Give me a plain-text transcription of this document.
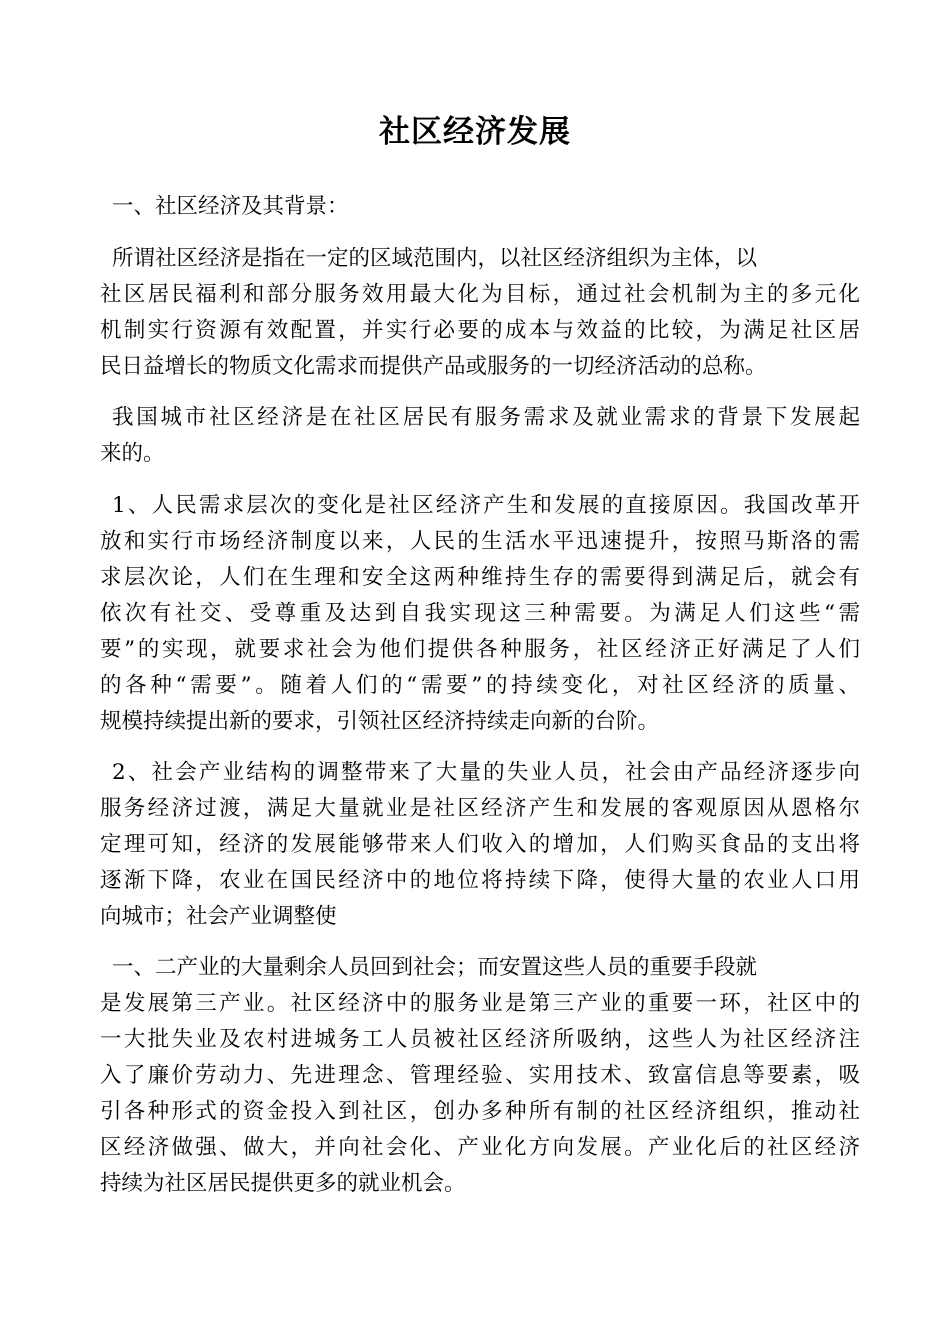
社区经济发展
一、社区经济及其背景：
所谓社区经济是指在一定的区域范围内，以社区经济组织为主体，以
社区居民福利和部分服务效用最大化为目标，通过社会机制为主的多元化
机制实行资源有效配置，并实行必要的成本与效益的比较，为满足社区居
民日益增长的物质文化需求而提供产品或服务的一切经济活动的总称。
我国城市社区经济是在社区居民有服务需求及就业需求的背景下发展起
来的。
1、人民需求层次的变化是社区经济产生和发展的直接原因。我国改革开
放和实行市场经济制度以来，人民的生活水平迅速提升，按照马斯洛的需
求层次论，人们在生理和安全这两种维持生存的需要得到满足后，就会有
依次有社交、受尊重及达到自我实现这三种需要。为满足人们这些“需
要”的实现，就要求社会为他们提供各种服务，社区经济正好满足了人们
的各种“需要”。随着人们的“需要”的持续变化，对社区经济的质量、
规模持续提出新的要求，引领社区经济持续走向新的台阶。
2、社会产业结构的调整带来了大量的失业人员，社会由产品经济逐步向
服务经济过渡，满足大量就业是社区经济产生和发展的客观原因从恩格尔
定理可知，经济的发展能够带来人们收入的增加，人们购买食品的支出将
逐渐下降，农业在国民经济中的地位将持续下降，使得大量的农业人口用
向城市；社会产业调整使
一、二产业的大量剩余人员回到社会；而安置这些人员的重要手段就
是发展第三产业。社区经济中的服务业是第三产业的重要一环，社区中的
一大批失业及农村进城务工人员被社区经济所吸纳，这些人为社区经济注
入了廉价劳动力、先进理念、管理经验、实用技术、致富信息等要素，吸
引各种形式的资金投入到社区，创办多种所有制的社区经济组织，推动社
区经济做强、做大，并向社会化、产业化方向发展。产业化后的社区经济
持续为社区居民提供更多的就业机会。
